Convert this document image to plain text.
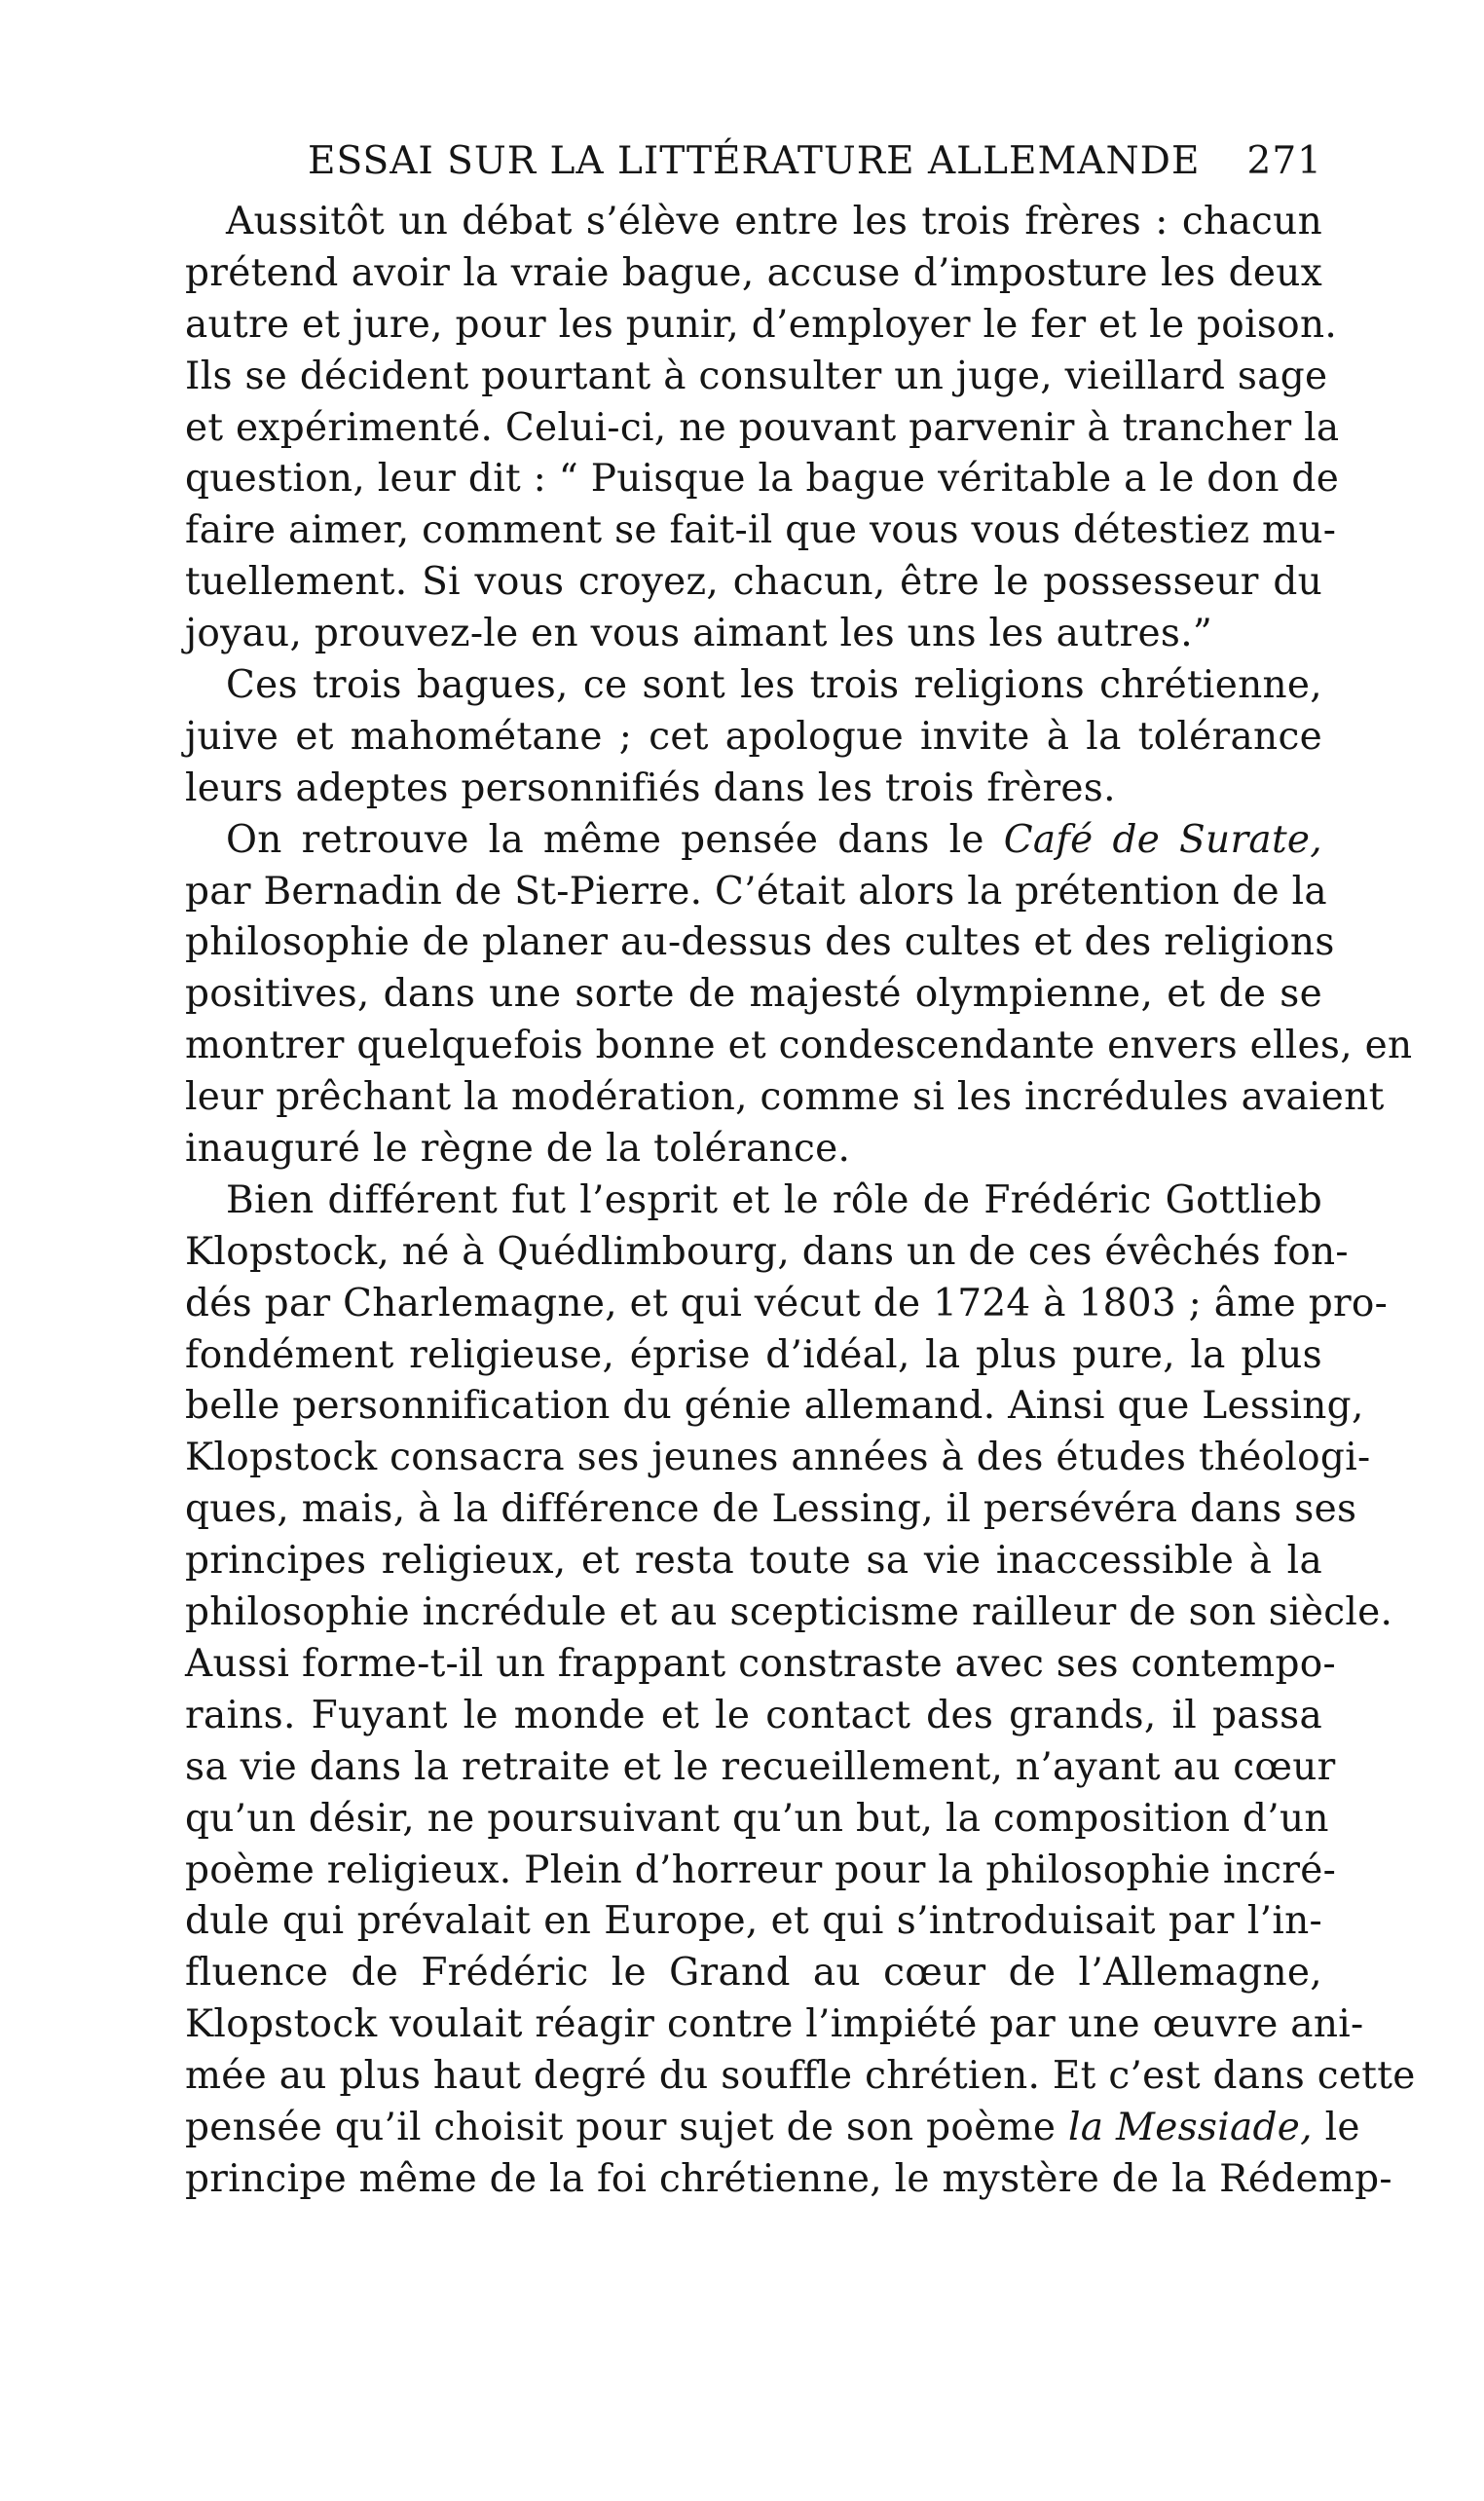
ESSAI SUR LA LITTÉRATURE ALLEMANDE 271
Aussitôt un débat s’élève entre les trois frères : chacun
prétend avoir la vraie bague, accuse d’imposture les deux
autre et jure, pour les punir, d’employer le fer et le poison.
Ils se décident pourtant à consulter un juge, vieillard sage
et expérimenté. Celui-ci, ne pouvant parvenir à trancher la
question, leur dit : “ Puisque la bague véritable a le don de
faire aimer, comment se fait-il que vous vous détestiez mu-
tuellement. Si vous croyez, chacun, être le possesseur du
joyau, prouvez-le en vous aimant les uns les autres.”
Ces trois bagues, ce sont les trois religions chrétienne,
juive et mahométane ; cet apologue invite à la tolérance
leurs adeptes personnifiés dans les trois frères.
On retrouve la même pensée dans le Café de Surate,
par Bernadin de St-Pierre. C’était alors la prétention de la
philosophie de planer au-dessus des cultes et des religions
positives, dans une sorte de majesté olympienne, et de se
montrer quelquefois bonne et condescendante envers elles, en
leur prêchant la modération, comme si les incrédules avaient
inauguré le règne de la tolérance.
Bien différent fut l’esprit et le rôle de Frédéric Gottlieb
Klopstock, né à Quédlimbourg, dans un de ces évêchés fon-
dés par Charlemagne, et qui vécut de 1724 à 1803 ; âme pro-
fondément religieuse, éprise d’idéal, la plus pure, la plus
belle personnification du génie allemand. Ainsi que Lessing,
Klopstock consacra ses jeunes années à des études théologi-
ques, mais, à la différence de Lessing, il persévéra dans ses
principes religieux, et resta toute sa vie inaccessible à la
philosophie incrédule et au scepticisme railleur de son siècle.
Aussi forme-t-il un frappant constraste avec ses contempo-
rains. Fuyant le monde et le contact des grands, il passa
sa vie dans la retraite et le recueillement, n’ayant au cœur
qu’un désir, ne poursuivant qu’un but, la composition d’un
poème religieux. Plein d’horreur pour la philosophie incré-
dule qui prévalait en Europe, et qui s’introduisait par l’in-
fluence de Frédéric le Grand au cœur de l’Allemagne,
Klopstock voulait réagir contre l’impiété par une œuvre ani-
mée au plus haut degré du souffle chrétien. Et c’est dans cette
pensée qu’il choisit pour sujet de son poème la Messiade, le
principe même de la foi chrétienne, le mystère de la Rédemp-
